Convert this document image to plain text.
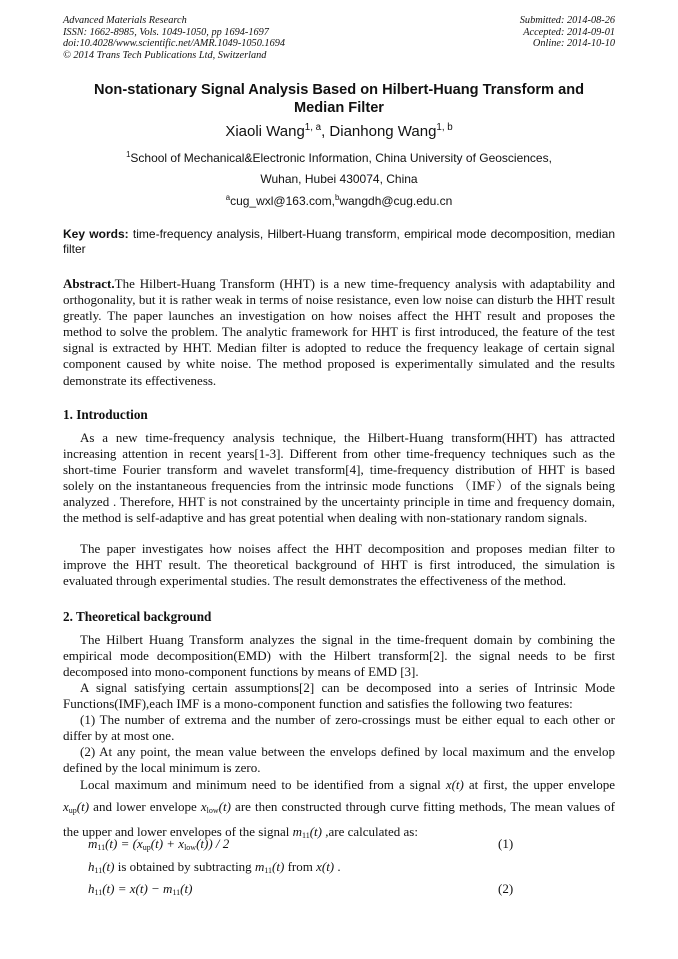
Advanced Materials Research
ISSN: 1662-8985, Vols. 1049-1050, pp 1694-1697
doi:10.4028/www.scientific.net/AMR.1049-1050.1694
© 2014 Trans Tech Publications Ltd, Switzerland
Submitted: 2014-08-26
Accepted: 2014-09-01
Online: 2014-10-10
Non-stationary Signal Analysis Based on Hilbert-Huang Transform and
Median Filter
Xiaoli Wang$^{1, a}$, Dianhong Wang$^{1, b}$
$^1$School of Mechanical&Electronic Information, China University of Geosciences,
Wuhan, Hubei 430074, China
$^a$cug_wxl@163.com,$^b$wangdh@cug.edu.cn
Key words: time-frequency analysis, Hilbert-Huang transform, empirical mode decomposition, median filter

Abstract.The Hilbert-Huang Transform (HHT) is a new time-frequency analysis with adaptability and orthogonality, but it is rather weak in terms of noise resistance, even low noise can disturb the HHT result greatly. The paper launches an investigation on how noises affect the HHT result and proposes the method to solve the problem. The analytic framework for HHT is first introduced, the feature of the test signal is extracted by HHT. Median filter is adopted to reduce the frequency leakage of certain signal component caused by white noise. The method proposed is experimentally simulated and the results demonstrate its effectiveness.

1. Introduction

As a new time-frequency analysis technique, the Hilbert-Huang transform(HHT) has attracted increasing attention in recent years[1-3]. Different from other time-frequency techniques such as the short-time Fourier transform and wavelet transform[4], time-frequency distribution of HHT is based solely on the instantaneous frequencies from the intrinsic mode functions （IMF）of the signals being analyzed . Therefore, HHT is not constrained by the uncertainty principle in time and frequency domain, the method is self-adaptive and has great potential when dealing with non-stationary random signals.

The paper investigates how noises affect the HHT decomposition and proposes median filter to improve the HHT result. The theoretical background of HHT is first introduced, the simulation is evaluated through experimental studies. The result demonstrates the effectiveness of the method.

2. Theoretical background

The Hilbert Huang Transform analyzes the signal in the time-frequent domain by combining the empirical mode decomposition(EMD) with the Hilbert transform[2]. the signal needs to be first decomposed into mono-component functions by means of EMD [3].

A signal satisfying certain assumptions[2] can be decomposed into a series of Intrinsic Mode Functions(IMF),each IMF is a mono-component function and satisfies the following two features:

(1) The number of extrema and the number of zero-crossings must be either equal to each other or differ by at most one.

(2) At any point, the mean value between the envelops defined by local maximum and the envelop defined by the local minimum is zero.

Local maximum and minimum need to be identified from a signal x(t) at first, the upper envelope $x_{up}(t)$ and lower envelope $x_{low}(t)$ are then constructed through curve fitting methods, The mean values of the upper and lower envelopes of the signal $m_{11}(t)$ ,are calculated as:

$m_{11}(t) = (x_{up}(t) + x_{low}(t)) / 2$	(1)
$h_{11}(t)$ is obtained by subtracting $m_{11}(t)$ from x(t) .
$h_{11}(t) = x(t) - m_{11}(t)$	(2)
